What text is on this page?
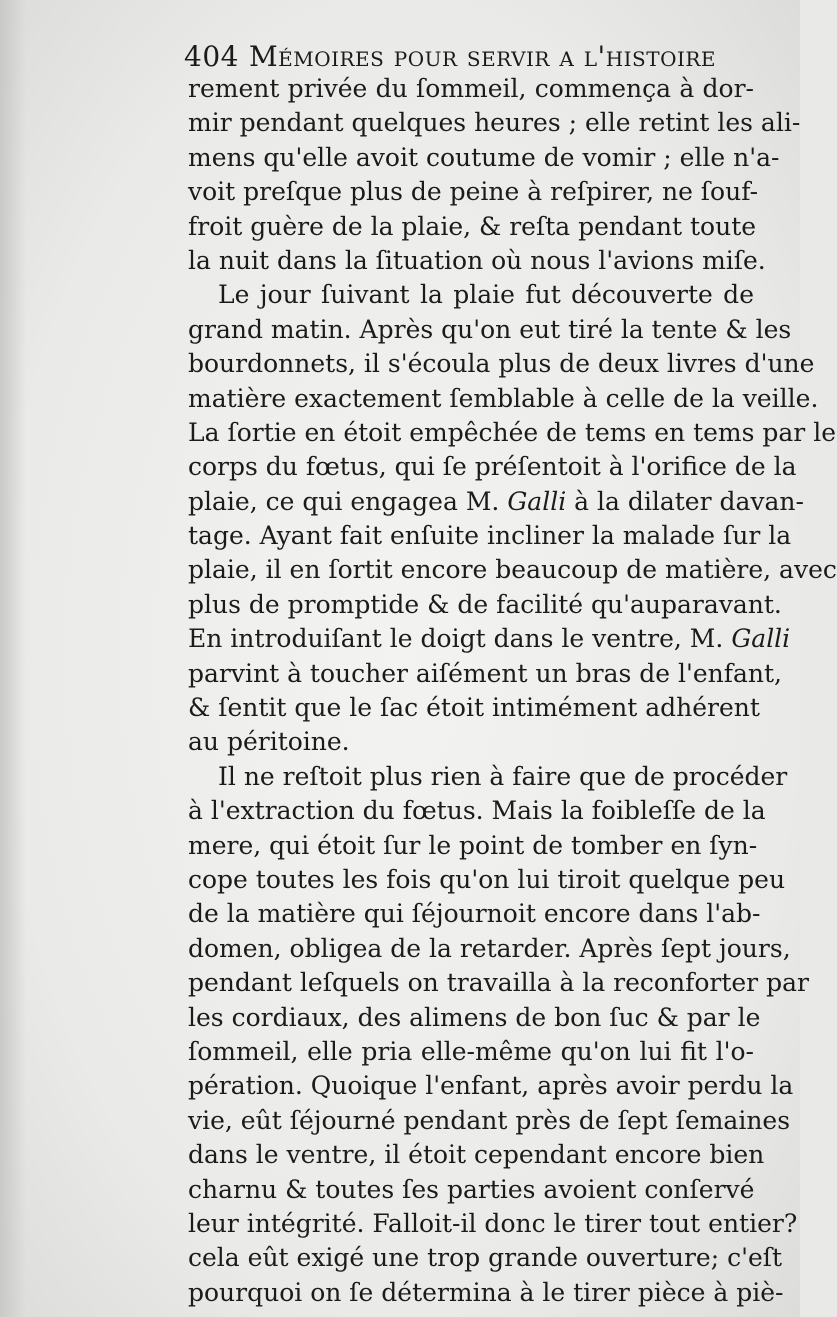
404 Mémoires pour servir a l'histoire
rement privée du ſommeil, commença à dor-
mir pendant quelques heures ; elle retint les ali-
mens qu'elle avoit coutume de vomir ; elle n'a-
voit preſque plus de peine à reſpirer, ne ſouf-
froit guère de la plaie, & reſta pendant toute
la nuit dans la ſituation où nous l'avions miſe.
Le jour ſuivant la plaie fut découverte de
grand matin. Après qu'on eut tiré la tente & les
bourdonnets, il s'écoula plus de deux livres d'une
matière exactement ſemblable à celle de la veille.
La ſortie en étoit empêchée de tems en tems par le
corps du fœtus, qui ſe préſentoit à l'orifice de la
plaie, ce qui engagea M. Galli à la dilater davan-
tage. Ayant fait enſuite incliner la malade ſur la
plaie, il en ſortit encore beaucoup de matière, avec
plus de promptide & de facilité qu'auparavant.
En introduiſant le doigt dans le ventre, M. Galli
parvint à toucher aiſément un bras de l'enfant,
& ſentit que le ſac étoit intimément adhérent
au péritoine.
Il ne reſtoit plus rien à faire que de procéder
à l'extraction du fœtus. Mais la foibleſſe de la
mere, qui étoit ſur le point de tomber en ſyn-
cope toutes les fois qu'on lui tiroit quelque peu
de la matière qui ſéjournoit encore dans l'ab-
domen, obligea de la retarder. Après ſept jours,
pendant leſquels on travailla à la reconforter par
les cordiaux, des alimens de bon ſuc & par le
ſommeil, elle pria elle-même qu'on lui fit l'o-
pération. Quoique l'enfant, après avoir perdu la
vie, eût ſéjourné pendant près de ſept ſemaines
dans le ventre, il étoit cependant encore bien
charnu & toutes ſes parties avoient conſervé
leur intégrité. Falloit-il donc le tirer tout entier?
cela eût exigé une trop grande ouverture; c'eſt
pourquoi on ſe détermina à le tirer pièce à piè-
